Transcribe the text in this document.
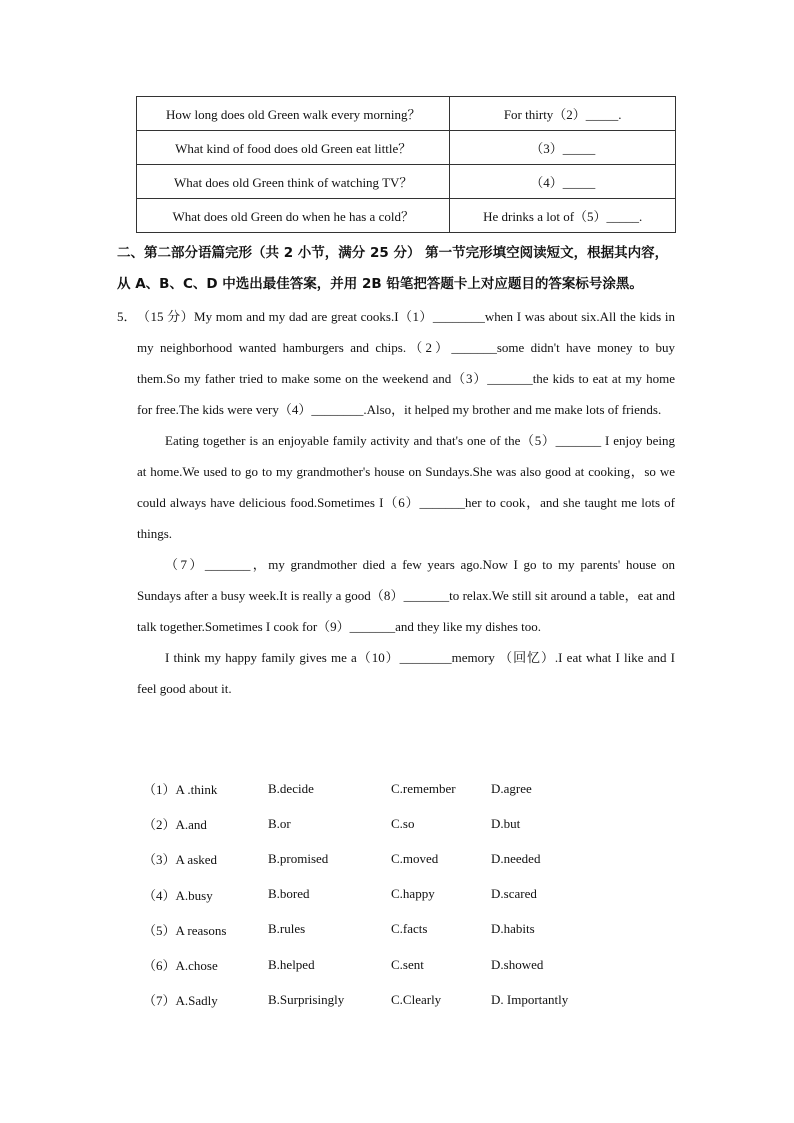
How long does old Green walk every morning？	For thirty（2）_____.
What kind of food does old Green eat little？	（3）_____
What does old Green think of watching TV？	（4）_____
What does old Green do when he has a cold？	He drinks a lot of（5）_____.
二、第二部分语篇完形（共 2 小节，满分 25 分） 第一节完形填空阅读短文，根据其内容，
从 A、B、C、D 中选出最佳答案，并用 2B 铅笔把答题卡上对应题目的答案标号涂黑。
5． （15 分）My mom and my dad are great cooks.I（1）________when I was about six.All the kids in my neighborhood wanted hamburgers and chips.（2）_______some didn't have money to buy them.So my father tried to make some on the weekend and（3）_______the kids to eat at my home for free.The kids were very（4）________.Also，it helped my brother and me make lots of friends.

Eating together is an enjoyable family activity and that's one of the（5）_______ I enjoy being at home.We used to go to my grandmother's house on Sundays.She was also good at cooking，so we could always have delicious food.Sometimes I（6）_______her to cook，and she taught me lots of things.

（7）_______，my grandmother died a few years ago.Now I go to my parents' house on Sundays after a busy week.It is really a good（8）_______to relax.We still sit around a table，eat and talk together.Sometimes I cook for（9）_______and they like my dishes too.

I think my happy family gives me a（10）________memory （回忆）.I eat what I like and I feel good about it.

（1）A .think	B.decide	C.remember	D.agree
（2）A.and	B.or	C.so	D.but
（3）A asked	B.promised	C.moved	D.needed
（4）A.busy	B.bored	C.happy	D.scared
（5）A reasons	B.rules	C.facts	D.habits
（6）A.chose	B.helped	C.sent	D.showed
（7）A.Sadly	B.Surprisingly	C.Clearly	D. Importantly
